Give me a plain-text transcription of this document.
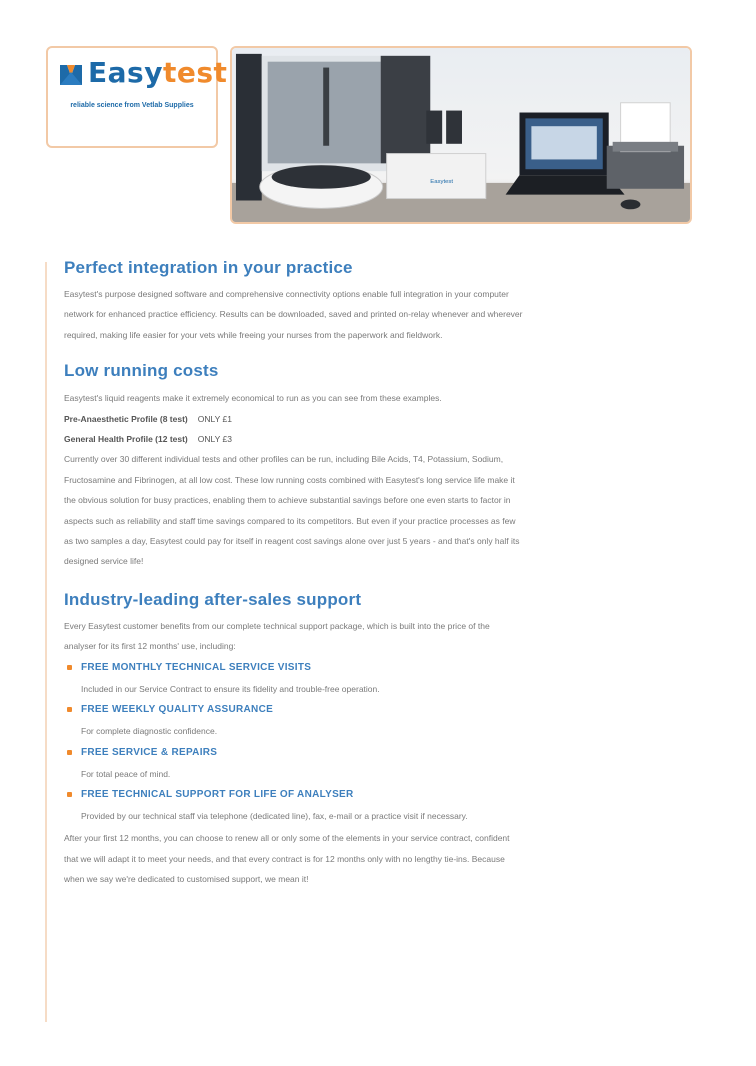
Easytest
reliable science from Vetlab Supplies
Easytest
Perfect integration in your practice

Easytest's purpose designed software and comprehensive connectivity options enable full integration in your computer network for enhanced practice efficiency. Results can be downloaded, saved and printed on-relay whenever and wherever required, making life easier for your vets while freeing your nurses from the paperwork and fieldwork.

Low running costs

Easytest's liquid reagents make it extremely economical to run as you can see from these examples.

Pre-Anaesthetic Profile (8 test) ONLY £1
General Health Profile (12 test) ONLY £3

Currently over 30 different individual tests and other profiles can be run, including Bile Acids, T4, Potassium, Sodium, Fructosamine and Fibrinogen, at all low cost. These low running costs combined with Easytest's long service life make it the obvious solution for busy practices, enabling them to achieve substantial savings before one even starts to factor in aspects such as reliability and staff time savings compared to its competitors. But even if your practice processes as few as two samples a day, Easytest could pay for itself in reagent cost savings alone over just 5 years - and that's only half its designed service life!

Industry-leading after-sales support

Every Easytest customer benefits from our complete technical support package, which is built into the price of the analyser for its first 12 months' use, including:

FREE MONTHLY TECHNICAL SERVICE VISITS
Included in our Service Contract to ensure its fidelity and trouble-free operation.
FREE WEEKLY QUALITY ASSURANCE
For complete diagnostic confidence.
FREE SERVICE & REPAIRS
For total peace of mind.
FREE TECHNICAL SUPPORT FOR LIFE OF ANALYSER
Provided by our technical staff via telephone (dedicated line), fax, e-mail or a practice visit if necessary.

After your first 12 months, you can choose to renew all or only some of the elements in your service contract, confident that we will adapt it to meet your needs, and that every contract is for 12 months only with no lengthy tie-ins. Because when we say we're dedicated to customised support, we mean it!
